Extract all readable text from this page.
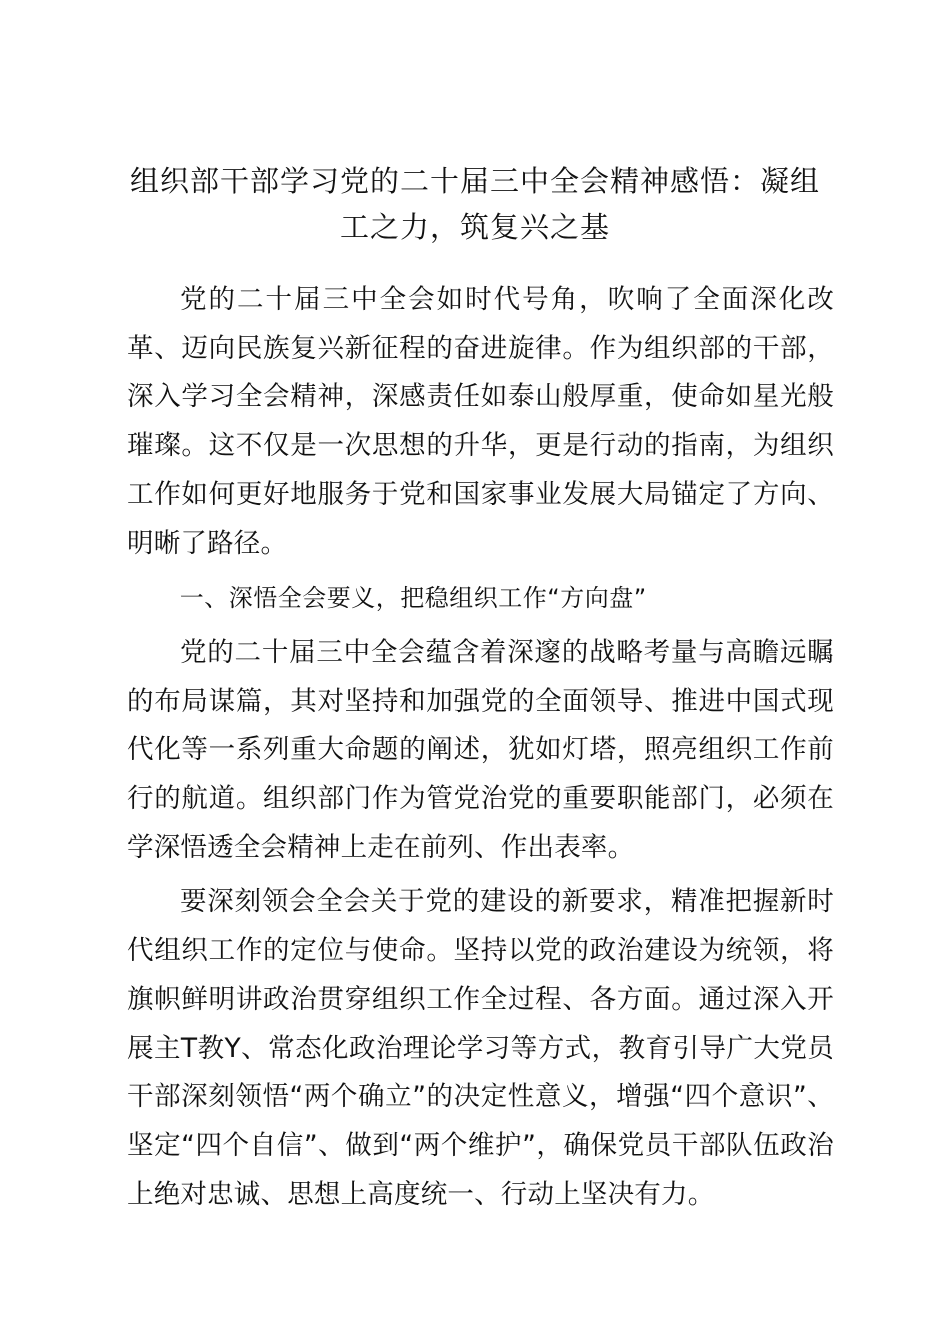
组织部干部学习党的二十届三中全会精神感悟：凝组工之力，筑复兴之基

党的二十届三中全会如时代号角，吹响了全面深化改革、迈向民族复兴新征程的奋进旋律。作为组织部的干部，深入学习全会精神，深感责任如泰山般厚重，使命如星光般璀璨。这不仅是一次思想的升华，更是行动的指南，为组织工作如何更好地服务于党和国家事业发展大局锚定了方向、明晰了路径。

一、深悟全会要义，把稳组织工作“方向盘”

党的二十届三中全会蕴含着深邃的战略考量与高瞻远瞩的布局谋篇，其对坚持和加强党的全面领导、推进中国式现代化等一系列重大命题的阐述，犹如灯塔，照亮组织工作前行的航道。组织部门作为管党治党的重要职能部门，必须在学深悟透全会精神上走在前列、作出表率。

要深刻领会全会关于党的建设的新要求，精准把握新时代组织工作的定位与使命。坚持以党的政治建设为统领，将旗帜鲜明讲政治贯穿组织工作全过程、各方面。通过深入开展主T教Y、常态化政治理论学习等方式，教育引导广大党员干部深刻领悟“两个确立”的决定性意义，增强“四个意识”、坚定“四个自信”、做到“两个维护”，确保党员干部队伍政治上绝对忠诚、思想上高度统一、行动上坚决有力。
